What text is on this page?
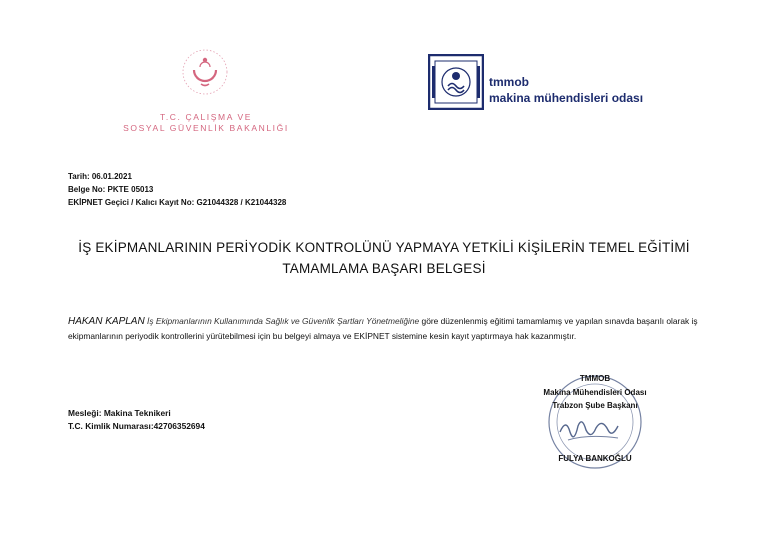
T.C. ÇALIŞMA VE
SOSYAL GÜVENLİK BAKANLIĞI
tmmob
makina mühendisleri odası
Tarih: 06.01.2021
Belge No: PKTE 05013
EKİPNET Geçici / Kalıcı Kayıt No: G21044328 / K21044328
İŞ EKİPMANLARININ PERİYODİK KONTROLÜNÜ YAPMAYA YETKİLİ KİŞİLERİN TEMEL EĞİTİMİ
TAMAMLAMA BAŞARI BELGESİ
HAKAN KAPLAN İş Ekipmanlarının Kullanımında Sağlık ve Güvenlik Şartları Yönetmeliğine göre düzenlenmiş eğitimi tamamlamış ve yapılan sınavda başarılı olarak iş ekipmanlarının periyodik kontrollerini yürütebilmesi için bu belgeyi almaya ve EKİPNET sistemine kesin kayıt yaptırmaya hak kazanmıştır.
Mesleği: Makina Teknikeri
T.C. Kimlik Numarası:42706352694
TMMOB
Makina Mühendisleri Odası
Trabzon Şube Başkanı
FULYA BANKOĞLU
